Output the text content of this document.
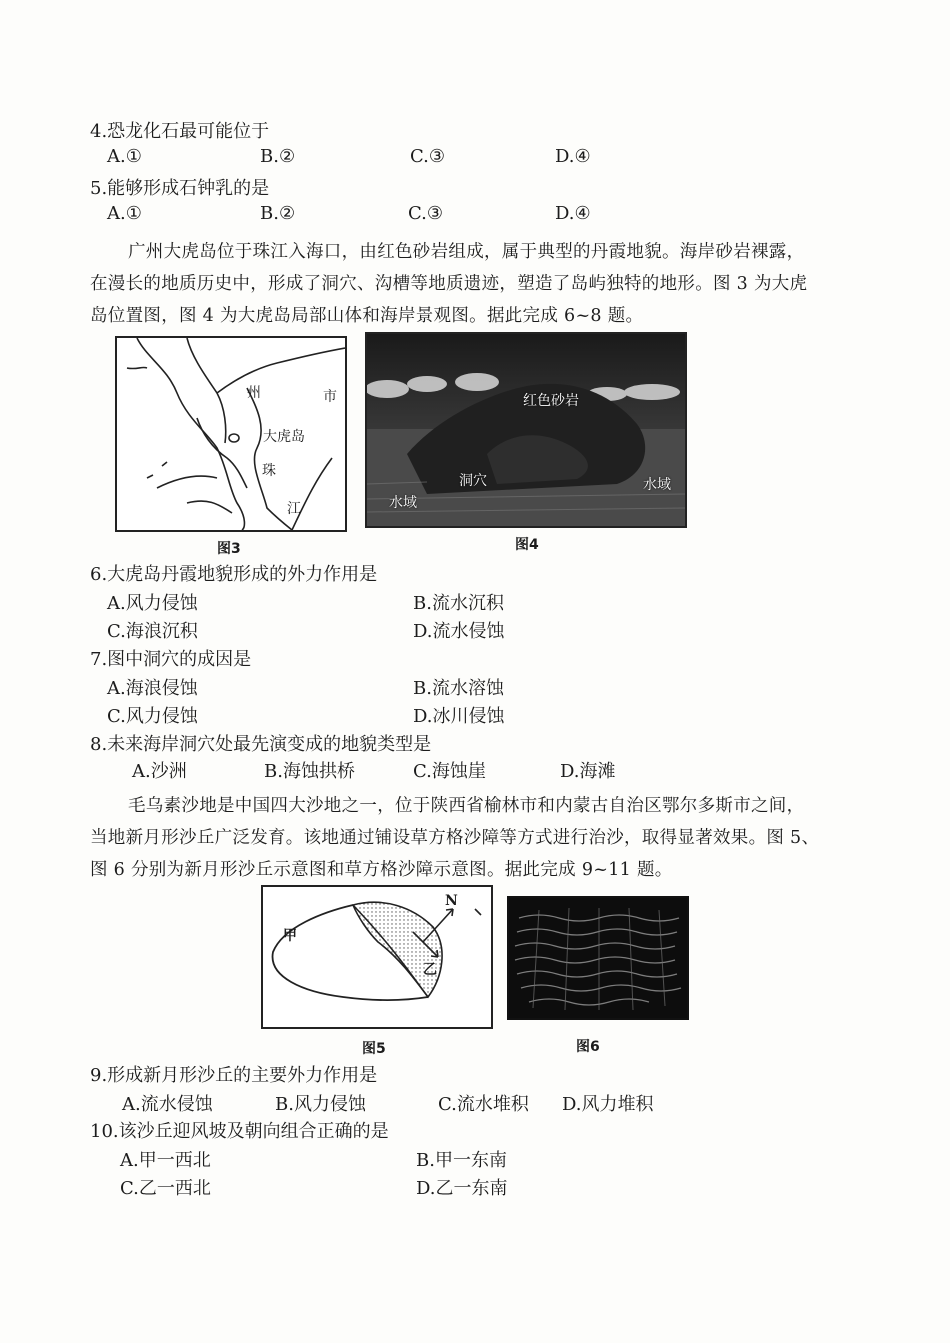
4.恐龙化石最可能位于
A.①	B.②	C.③	D.④
5.能够形成石钟乳的是
A.①	B.②	C.③	D.④
广州大虎岛位于珠江入海口，由红色砂岩组成，属于典型的丹霞地貌。海岸砂岩裸露，
在漫长的地质历史中，形成了洞穴、沟槽等地质遗迹，塑造了岛屿独特的地形。图 3 为大虎
岛位置图，图 4 为大虎岛局部山体和海岸景观图。据此完成 6~8 题。
州	市
大虎岛
珠
江
图3
红色砂岩
洞穴
水域
水域
图4
6.大虎岛丹霞地貌形成的外力作用是
A.风力侵蚀	B.流水沉积
C.海浪沉积	D.流水侵蚀
7.图中洞穴的成因是
A.海浪侵蚀	B.流水溶蚀
C.风力侵蚀	D.冰川侵蚀
8.未来海岸洞穴处最先演变成的地貌类型是
A.沙洲	B.海蚀拱桥	C.海蚀崖	D.海滩
毛乌素沙地是中国四大沙地之一，位于陕西省榆林市和内蒙古自治区鄂尔多斯市之间，
当地新月形沙丘广泛发育。该地通过铺设草方格沙障等方式进行治沙，取得显著效果。图 5、
图 6 分别为新月形沙丘示意图和草方格沙障示意图。据此完成 9~11 题。
甲
乙
N
图5	图6
9.形成新月形沙丘的主要外力作用是
A.流水侵蚀	B.风力侵蚀	C.流水堆积 D.风力堆积
10.该沙丘迎风坡及朝向组合正确的是
A.甲一西北	B.甲一东南
C.乙一西北	D.乙一东南
